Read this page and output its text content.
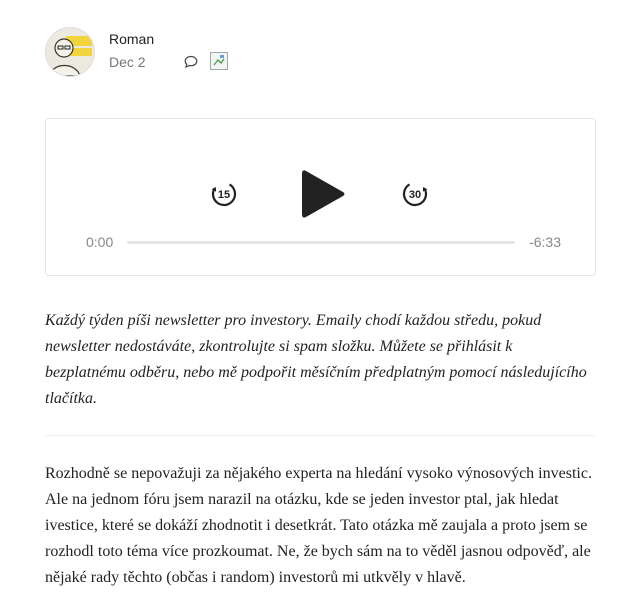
Roman
Dec 2
15	30
0:00	-6:33

Každý týden píši newsletter pro investory. Emaily chodí každou středu, pokud newsletter nedostáváte, zkontrolujte si spam složku. Můžete se přihlásit k bezplatnému odběru, nebo mě podpořit měsíčním předplatným pomocí následujícího tlačítka.

Rozhodně se nepovažuji za nějakého experta na hledání vysoko výnosových investic. Ale na jednom fóru jsem narazil na otázku, kde se jeden investor ptal, jak hledat ivestice, které se dokáží zhodnotit i desetkrát. Tato otázka mě zaujala a proto jsem se rozhodl toto téma více prozkoumat. Ne, že bych sám na to věděl jasnou odpověď, ale nějaké rady těchto (občas i random) investorů mi utkvěly v hlavě.
